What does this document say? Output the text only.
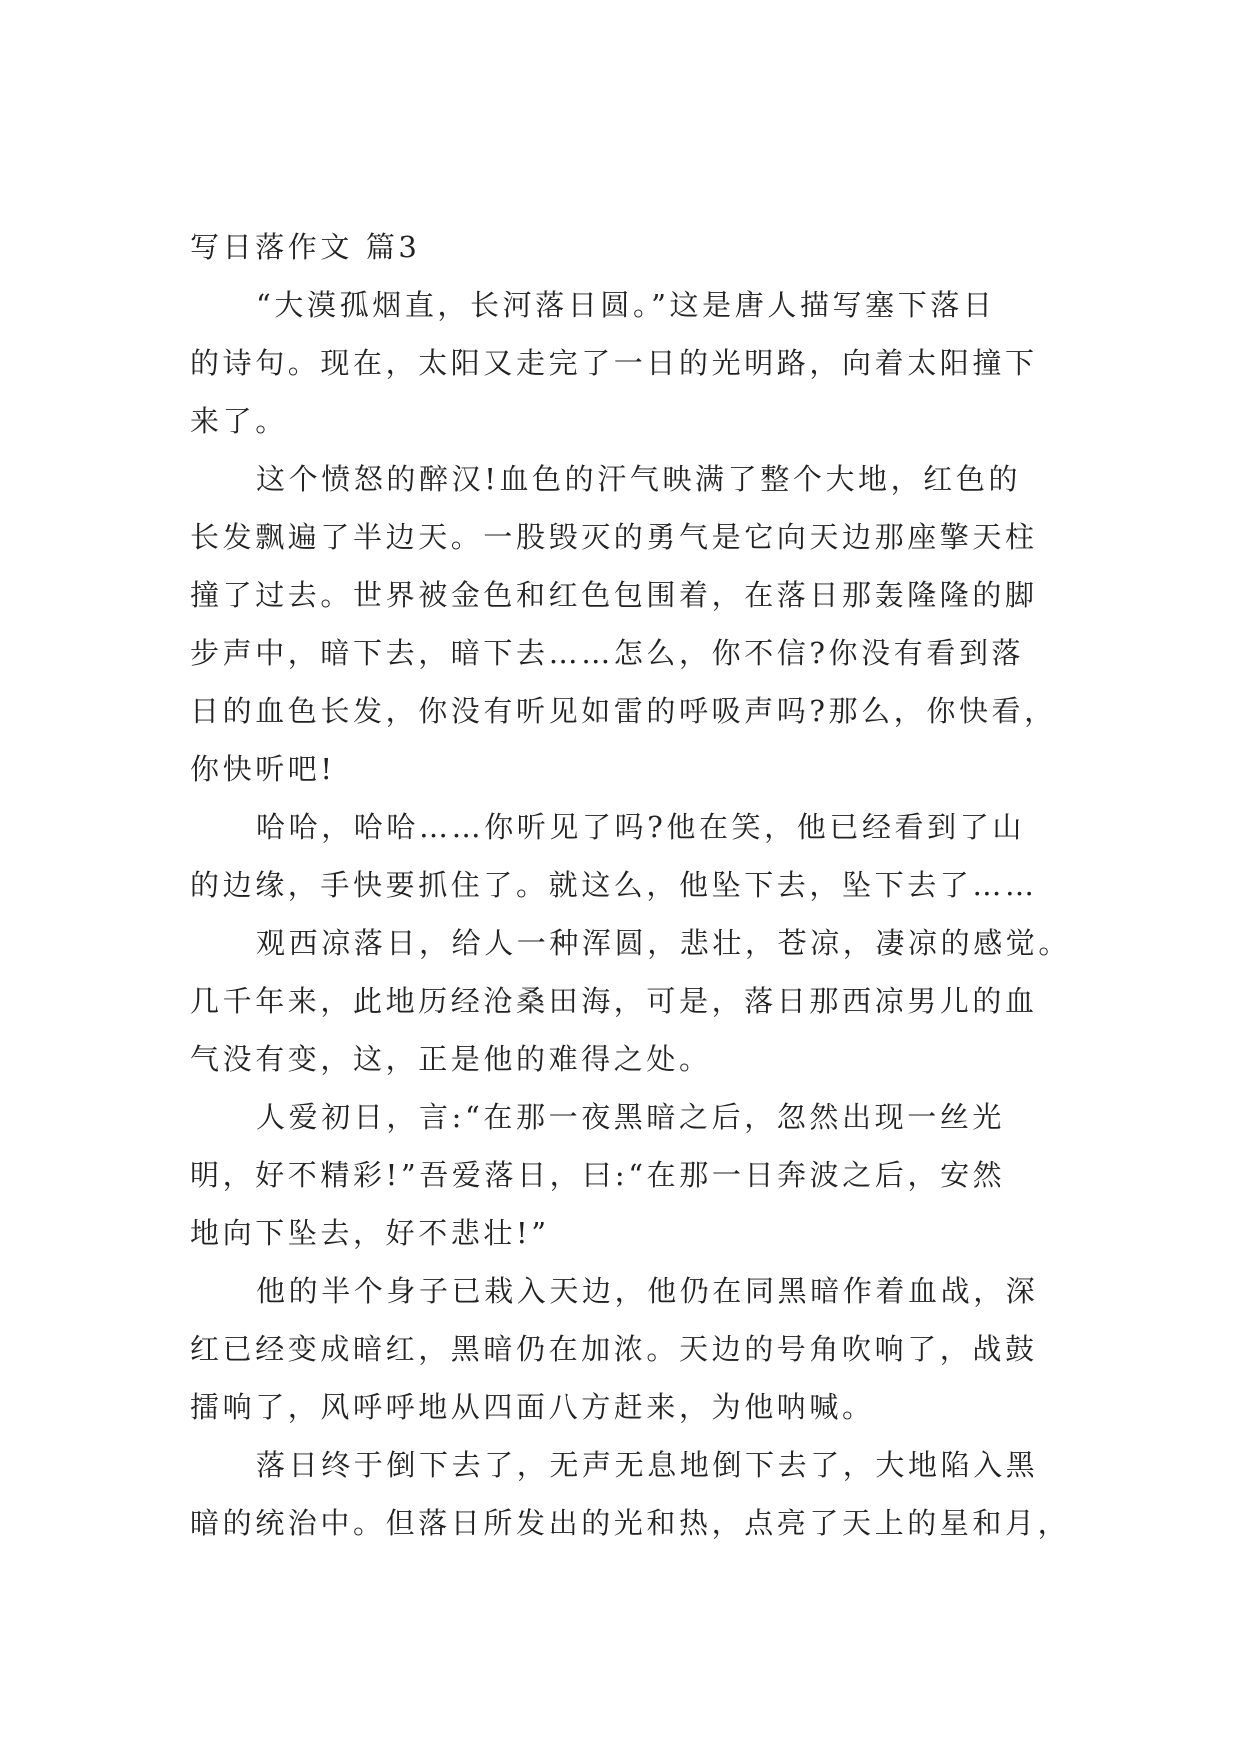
写日落作文 篇3

“大漠孤烟直，长河落日圆。”这是唐人描写塞下落日
的诗句。现在，太阳又走完了一日的光明路，向着太阳撞下
来了。

这个愤怒的醉汉!血色的汗气映满了整个大地，红色的
长发飘遍了半边天。一股毁灭的勇气是它向天边那座擎天柱
撞了过去。世界被金色和红色包围着，在落日那轰隆隆的脚
步声中，暗下去，暗下去……怎么，你不信?你没有看到落
日的血色长发，你没有听见如雷的呼吸声吗?那么，你快看，
你快听吧!

哈哈，哈哈……你听见了吗?他在笑，他已经看到了山
的边缘，手快要抓住了。就这么，他坠下去，坠下去了……

观西凉落日，给人一种浑圆，悲壮，苍凉，凄凉的感觉。
几千年来，此地历经沧桑田海，可是，落日那西凉男儿的血
气没有变，这，正是他的难得之处。

人爱初日，言:“在那一夜黑暗之后，忽然出现一丝光
明，好不精彩!”吾爱落日，曰:“在那一日奔波之后，安然
地向下坠去，好不悲壮!”

他的半个身子已栽入天边，他仍在同黑暗作着血战，深
红已经变成暗红，黑暗仍在加浓。天边的号角吹响了，战鼓
擂响了，风呼呼地从四面八方赶来，为他呐喊。

落日终于倒下去了，无声无息地倒下去了，大地陷入黑
暗的统治中。但落日所发出的光和热，点亮了天上的星和月，
